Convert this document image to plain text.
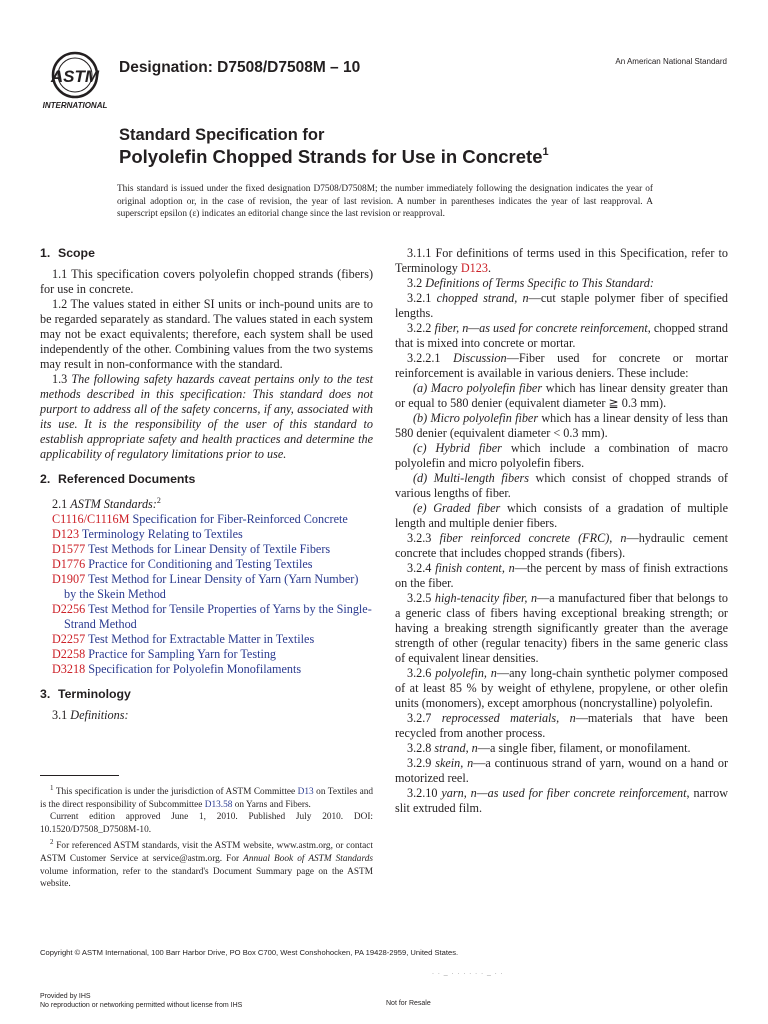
ASTM
INTERNATIONAL
Designation: D7508/D7508M – 10	An American National Standard
Standard Specification for
Polyolefin Chopped Strands for Use in Concrete$^1$
This standard is issued under the fixed designation D7508/D7508M; the number immediately following the designation indicates the year of original adoption or, in the case of revision, the year of last revision. A number in parentheses indicates the year of last reapproval. A superscript epsilon (ε) indicates an editorial change since the last revision or reapproval.
1. Scope

1.1 This specification covers polyolefin chopped strands (fibers) for use in concrete.

1.2 The values stated in either SI units or inch-pound units are to be regarded separately as standard. The values stated in each system may not be exact equivalents; therefore, each system shall be used independently of the other. Combining values from the two systems may result in non-conformance with the standard.

1.3 The following safety hazards caveat pertains only to the test methods described in this specification: This standard does not purport to address all of the safety concerns, if any, associated with its use. It is the responsibility of the user of this standard to establish appropriate safety and health practices and determine the applicability of regulatory limitations prior to use.

2. Referenced Documents

2.1 ASTM Standards:$^2$

C1116/C1116M Specification for Fiber-Reinforced Concrete
D123 Terminology Relating to Textiles
D1577 Test Methods for Linear Density of Textile Fibers
D1776 Practice for Conditioning and Testing Textiles
D1907 Test Method for Linear Density of Yarn (Yarn Number) by the Skein Method
D2256 Test Method for Tensile Properties of Yarns by the Single-Strand Method
D2257 Test Method for Extractable Matter in Textiles
D2258 Practice for Sampling Yarn for Testing
D3218 Specification for Polyolefin Monofilaments
3. Terminology

3.1 Definitions:

3.1.1 For definitions of terms used in this Specification, refer to Terminology D123.

3.2 Definitions of Terms Specific to This Standard:

3.2.1 chopped strand, n—cut staple polymer fiber of specified lengths.

3.2.2 fiber, n—as used for concrete reinforcement, chopped strand that is mixed into concrete or mortar.

3.2.2.1 Discussion—Fiber used for concrete or mortar reinforcement is available in various deniers. These include:

(a) Macro polyolefin fiber which has linear density greater than or equal to 580 denier (equivalent diameter ≧ 0.3 mm).

(b) Micro polyolefin fiber which has a linear density of less than 580 denier (equivalent diameter < 0.3 mm).

(c) Hybrid fiber which include a combination of macro polyolefin and micro polyolefin fibers.

(d) Multi-length fibers which consist of chopped strands of various lengths of fiber.

(e) Graded fiber which consists of a gradation of multiple length and multiple denier fibers.

3.2.3 fiber reinforced concrete (FRC), n—hydraulic cement concrete that includes chopped strands (fibers).

3.2.4 finish content, n—the percent by mass of finish extractions on the fiber.

3.2.5 high-tenacity fiber, n—a manufactured fiber that belongs to a generic class of fibers having exceptional breaking strength; or having a breaking strength significantly greater than the average strength of other (regular tenacity) fibers in the same generic class of equivalent linear densities.

3.2.6 polyolefin, n—any long-chain synthetic polymer composed of at least 85 % by weight of ethylene, propylene, or other olefin units (monomers), except amorphous (noncrystalline) polyolefin.

3.2.7 reprocessed materials, n—materials that have been recycled from another process.

3.2.8 strand, n—a single fiber, filament, or monofilament.

3.2.9 skein, n—a continuous strand of yarn, wound on a hand or motorized reel.

3.2.10 yarn, n—as used for fiber concrete reinforcement, narrow slit extruded film.

$^1$ This specification is under the jurisdiction of ASTM Committee D13 on Textiles and is the direct responsibility of Subcommittee D13.58 on Yarns and Fibers.

Current edition approved June 1, 2010. Published July 2010. DOI: 10.1520/D7508_D7508M-10.

$^2$ For referenced ASTM standards, visit the ASTM website, www.astm.org, or contact ASTM Customer Service at service@astm.org. For Annual Book of ASTM Standards volume information, refer to the standard's Document Summary page on the ASTM website.

Copyright © ASTM International, 100 Barr Harbor Drive, PO Box C700, West Conshohocken, PA 19428-2959, United States.
. . _ . . . . . . _ . .
Provided by IHS
No reproduction or networking permitted without license from IHS	Not for Resale
